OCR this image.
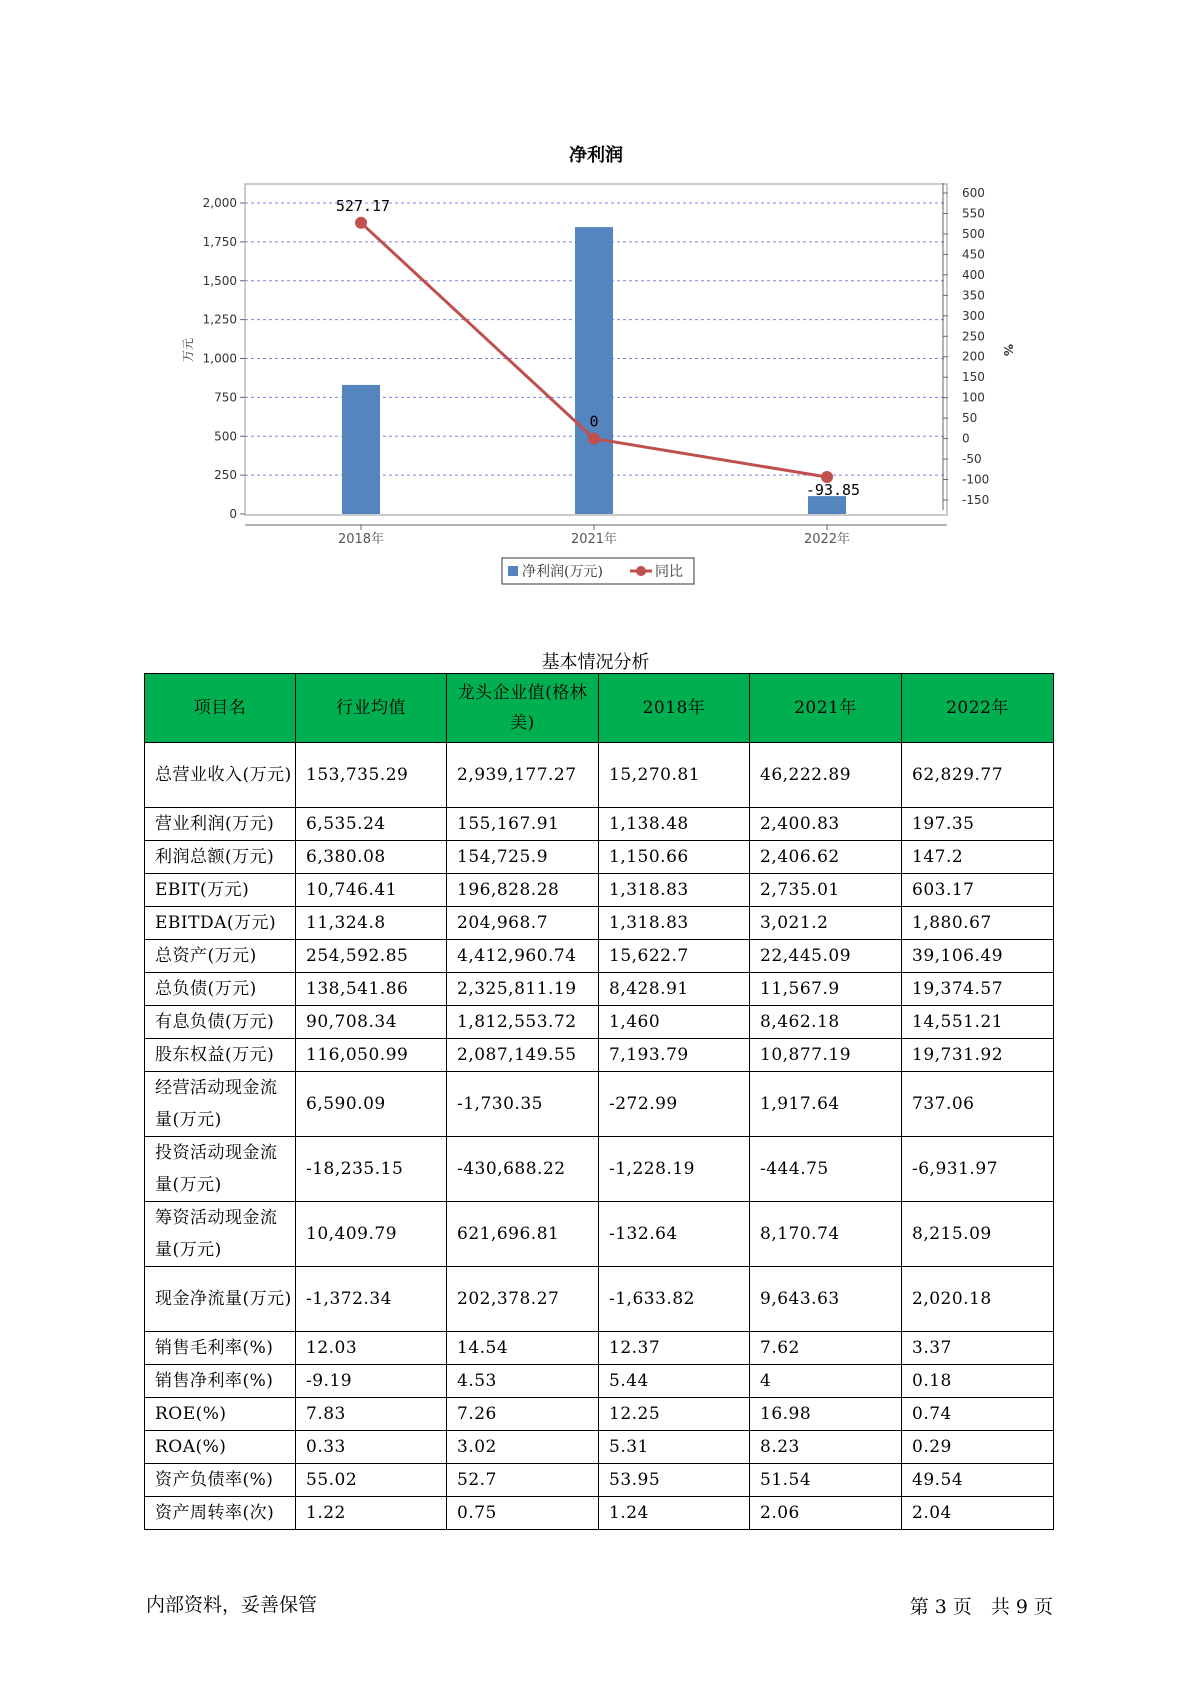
净利润
0
250
500
750
1,000
1,250
1,500
1,750
2,000
万元
-150
-100
-50
0
50
100
150
200
250
300
350
400
450
500
550
600
%
2018年	2021年	2022年
527.17
0
-93.85
净利润(万元)	同比
基本情况分析
项目名	行业均值	龙头企业值(格林美)	2018年	2021年	2022年
总营业收入(万元)	153,735.29	2,939,177.27	15,270.81	46,222.89	62,829.77
营业利润(万元)	6,535.24	155,167.91	1,138.48	2,400.83	197.35
利润总额(万元)	6,380.08	154,725.9	1,150.66	2,406.62	147.2
EBIT(万元)	10,746.41	196,828.28	1,318.83	2,735.01	603.17
EBITDA(万元)	11,324.8	204,968.7	1,318.83	3,021.2	1,880.67
总资产(万元)	254,592.85	4,412,960.74	15,622.7	22,445.09	39,106.49
总负债(万元)	138,541.86	2,325,811.19	8,428.91	11,567.9	19,374.57
有息负债(万元)	90,708.34	1,812,553.72	1,460	8,462.18	14,551.21
股东权益(万元)	116,050.99	2,087,149.55	7,193.79	10,877.19	19,731.92
经营活动现金流量(万元)	6,590.09	-1,730.35	-272.99	1,917.64	737.06
投资活动现金流量(万元)	-18,235.15	-430,688.22	-1,228.19	-444.75	-6,931.97
筹资活动现金流量(万元)	10,409.79	621,696.81	-132.64	8,170.74	8,215.09
现金净流量(万元)	-1,372.34	202,378.27	-1,633.82	9,643.63	2,020.18
销售毛利率(%)	12.03	14.54	12.37	7.62	3.37
销售净利率(%)	-9.19	4.53	5.44	4	0.18
ROE(%)	7.83	7.26	12.25	16.98	0.74
ROA(%)	0.33	3.02	5.31	8.23	0.29
资产负债率(%)	55.02	52.7	53.95	51.54	49.54
资产周转率(次)	1.22	0.75	1.24	2.06	2.04
内部资料，妥善保管	第 3 页　共 9 页
